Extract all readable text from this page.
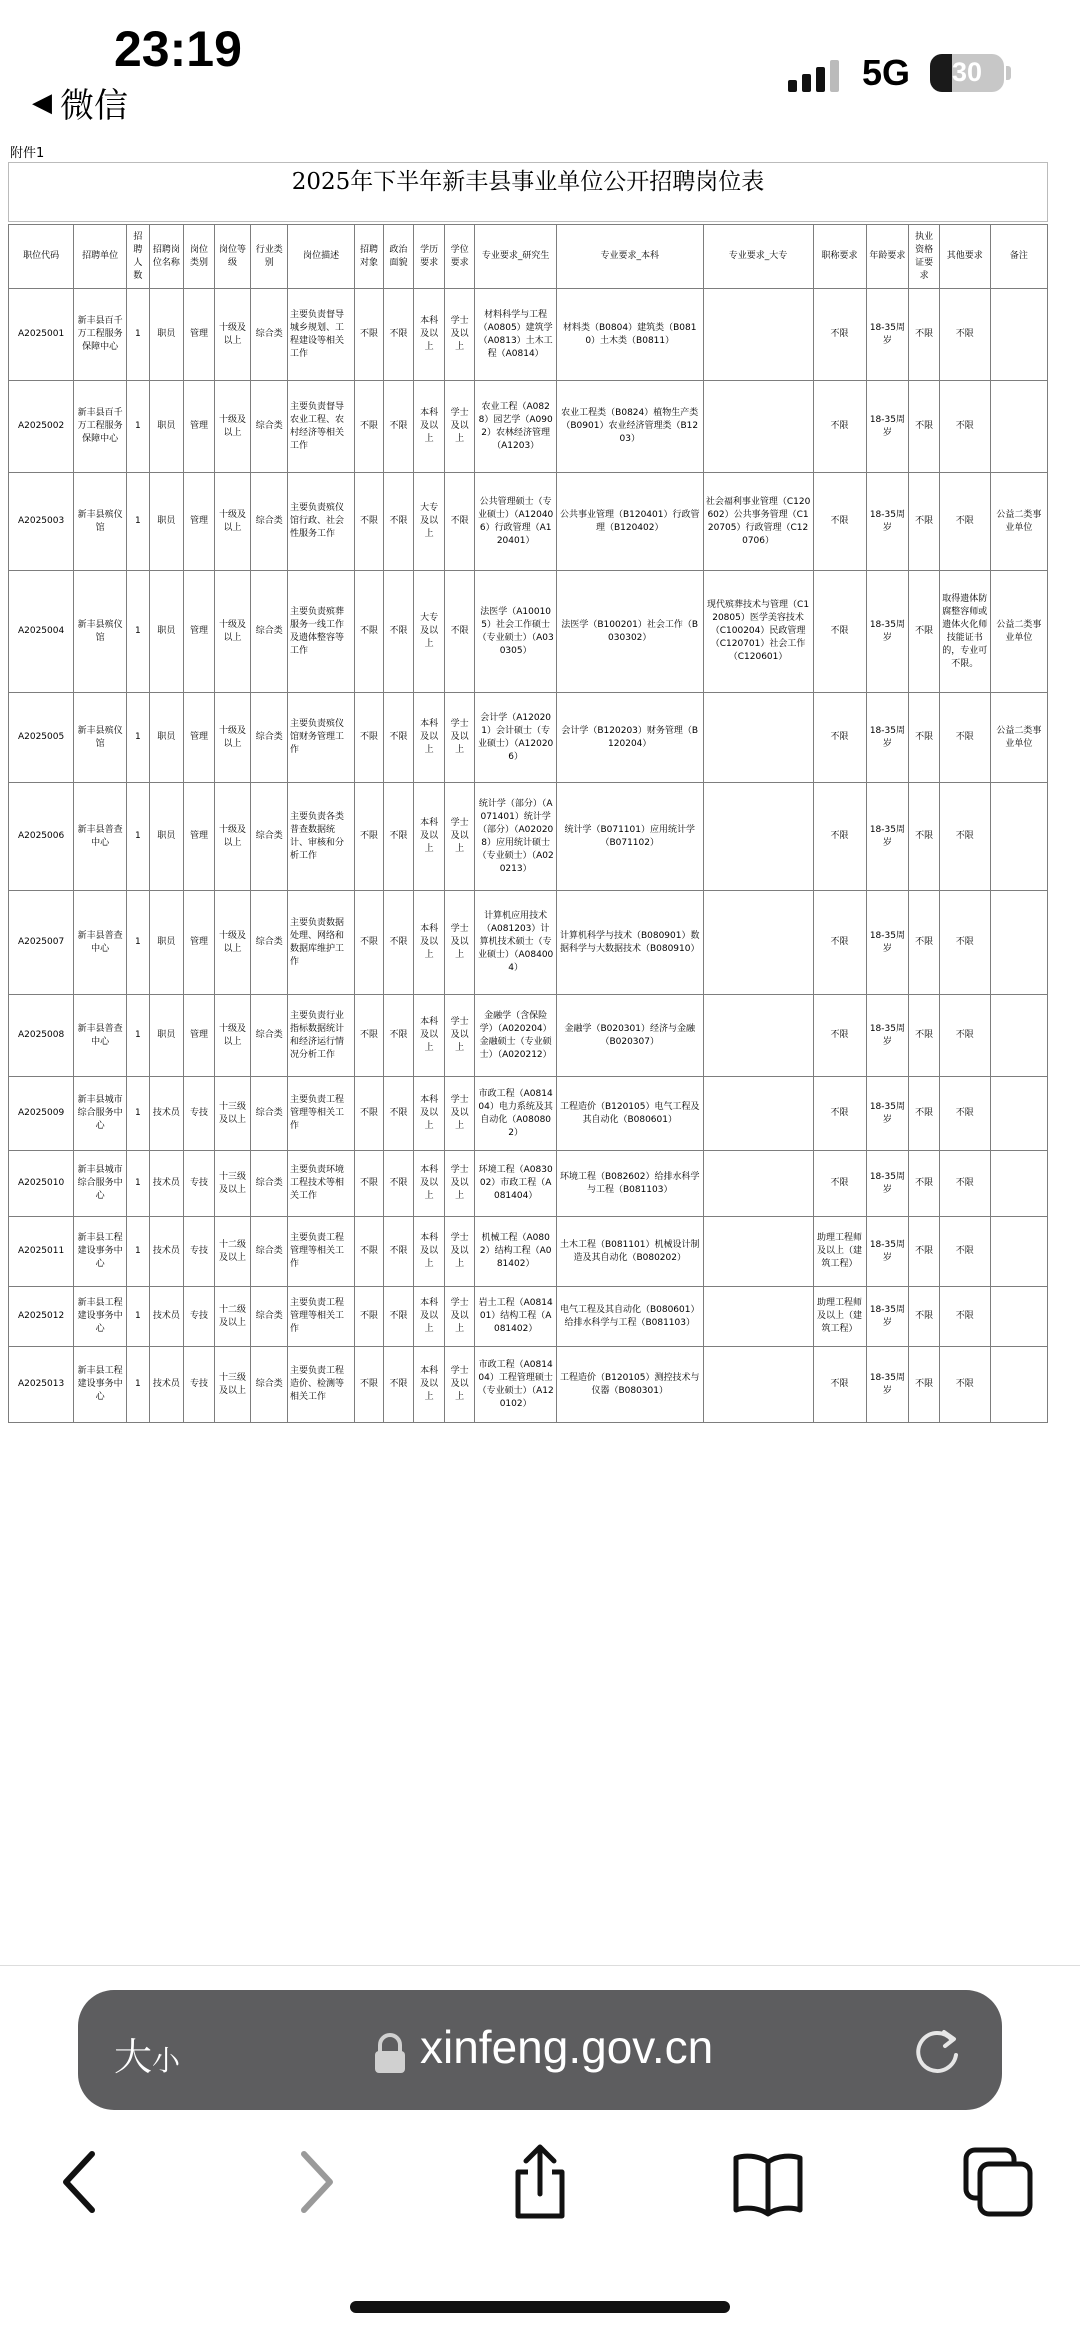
23:19
◀ 微信
5G	30
附件1
2025年下半年新丰县事业单位公开招聘岗位表
职位代码	招聘单位	招聘人数	招聘岗位名称	岗位类别	岗位等级	行业类别	岗位描述	招聘对象	政治面貌	学历要求	学位要求	专业要求_研究生	专业要求_本科	专业要求_大专	职称要求	年龄要求	执业资格证要求	其他要求	备注
A2025001	新丰县百千万工程服务保障中心	1	职员	管理	十级及以上	综合类	主要负责督导城乡规划、工程建设等相关工作	不限	不限	本科及以上	学士及以上	材料科学与工程（A0805）建筑学（A0813）土木工程（A0814）	材料类（B0804）建筑类（B0810）土木类（B0811）		不限	18-35周岁	不限	不限	
A2025002	新丰县百千万工程服务保障中心	1	职员	管理	十级及以上	综合类	主要负责督导农业工程、农村经济等相关工作	不限	不限	本科及以上	学士及以上	农业工程（A0828）园艺学（A0902）农林经济管理（A1203）	农业工程类（B0824）植物生产类（B0901）农业经济管理类（B1203）		不限	18-35周岁	不限	不限	
A2025003	新丰县殡仪馆	1	职员	管理	十级及以上	综合类	主要负责殡仪馆行政、社会性服务工作	不限	不限	大专及以上	不限	公共管理硕士（专业硕士）（A120406）行政管理（A120401）	公共事业管理（B120401）行政管理（B120402）	社会福利事业管理（C120602）公共事务管理（C120705）行政管理（C120706）	不限	18-35周岁	不限	不限	公益二类事业单位
A2025004	新丰县殡仪馆	1	职员	管理	十级及以上	综合类	主要负责殡葬服务一线工作及遗体整容等工作	不限	不限	大专及以上	不限	法医学（A100105）社会工作硕士（专业硕士）（A030305）	法医学（B100201）社会工作（B030302）	现代殡葬技术与管理（C120805）医学美容技术（C100204）民政管理（C120701）社会工作（C120601）	不限	18-35周岁	不限	取得遗体防腐整容师或遗体火化师技能证书的，专业可不限。	公益二类事业单位
A2025005	新丰县殡仪馆	1	职员	管理	十级及以上	综合类	主要负责殡仪馆财务管理工作	不限	不限	本科及以上	学士及以上	会计学（A120201）会计硕士（专业硕士）（A120206）	会计学（B120203）财务管理（B120204）		不限	18-35周岁	不限	不限	公益二类事业单位
A2025006	新丰县普查中心	1	职员	管理	十级及以上	综合类	主要负责各类普查数据统计、审核和分析工作	不限	不限	本科及以上	学士及以上	统计学（部分）（A071401）统计学（部分）（A020208）应用统计硕士（专业硕士）（A020213）	统计学（B071101）应用统计学（B071102）		不限	18-35周岁	不限	不限	
A2025007	新丰县普查中心	1	职员	管理	十级及以上	综合类	主要负责数据处理、网络和数据库维护工作	不限	不限	本科及以上	学士及以上	计算机应用技术（A081203）计算机技术硕士（专业硕士）（A084004）	计算机科学与技术（B080901）数据科学与大数据技术（B080910）		不限	18-35周岁	不限	不限	
A2025008	新丰县普查中心	1	职员	管理	十级及以上	综合类	主要负责行业指标数据统计和经济运行情况分析工作	不限	不限	本科及以上	学士及以上	金融学（含保险学）（A020204）金融硕士（专业硕士）（A020212）	金融学（B020301）经济与金融（B020307）		不限	18-35周岁	不限	不限	
A2025009	新丰县城市综合服务中心	1	技术员	专技	十三级及以上	综合类	主要负责工程管理等相关工作	不限	不限	本科及以上	学士及以上	市政工程（A081404）电力系统及其自动化（A080802）	工程造价（B120105）电气工程及其自动化（B080601）		不限	18-35周岁	不限	不限	
A2025010	新丰县城市综合服务中心	1	技术员	专技	十三级及以上	综合类	主要负责环境工程技术等相关工作	不限	不限	本科及以上	学士及以上	环境工程（A083002）市政工程（A081404）	环境工程（B082602）给排水科学与工程（B081103）		不限	18-35周岁	不限	不限	
A2025011	新丰县工程建设事务中心	1	技术员	专技	十二级及以上	综合类	主要负责工程管理等相关工作	不限	不限	本科及以上	学士及以上	机械工程（A0802）结构工程（A081402）	土木工程（B081101）机械设计制造及其自动化（B080202）		助理工程师及以上（建筑工程）	18-35周岁	不限	不限	
A2025012	新丰县工程建设事务中心	1	技术员	专技	十二级及以上	综合类	主要负责工程管理等相关工作	不限	不限	本科及以上	学士及以上	岩土工程（A081401）结构工程（A081402）	电气工程及其自动化（B080601）给排水科学与工程（B081103）		助理工程师及以上（建筑工程）	18-35周岁	不限	不限	
A2025013	新丰县工程建设事务中心	1	技术员	专技	十三级及以上	综合类	主要负责工程造价、检测等相关工作	不限	不限	本科及以上	学士及以上	市政工程（A081404）工程管理硕士（专业硕士）（A120102）	工程造价（B120105）测控技术与仪器（B080301）		不限	18-35周岁	不限	不限	
大小	xinfeng.gov.cn
